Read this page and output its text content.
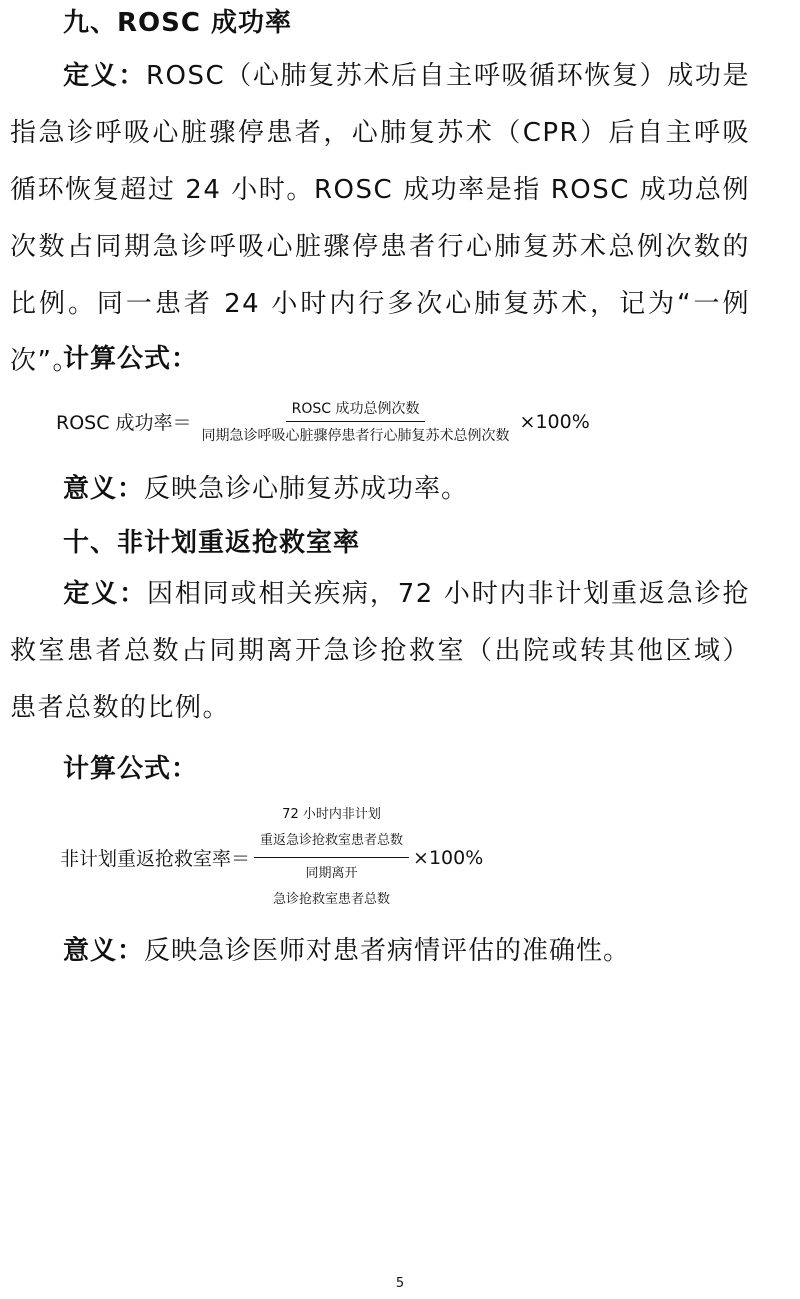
九、ROSC 成功率
定义：ROSC（心肺复苏术后自主呼吸循环恢复）成功是指急诊呼吸心脏骤停患者，心肺复苏术（CPR）后自主呼吸循环恢复超过 24 小时。ROSC 成功率是指 ROSC 成功总例次数占同期急诊呼吸心脏骤停患者行心肺复苏术总例次数的比例。同一患者 24 小时内行多次心肺复苏术，记为“一例次”。
计算公式：
ROSC 成功率＝ $\frac{\text{ROSC 成功总例次数}}{\text{同期急诊呼吸心脏骤停患者行心肺复苏术总例次数}} \times 100\%$
意义：反映急诊心肺复苏成功率。
十、非计划重返抢救室率
定义：因相同或相关疾病，72 小时内非计划重返急诊抢救室患者总数占同期离开急诊抢救室（出院或转其他区域）患者总数的比例。
计算公式：
非计划重返抢救室率＝ 72 小时内非计划
重返急诊抢救室患者总数
同期离开
急诊抢救室患者总数 ×100%
意义：反映急诊医师对患者病情评估的准确性。
5
